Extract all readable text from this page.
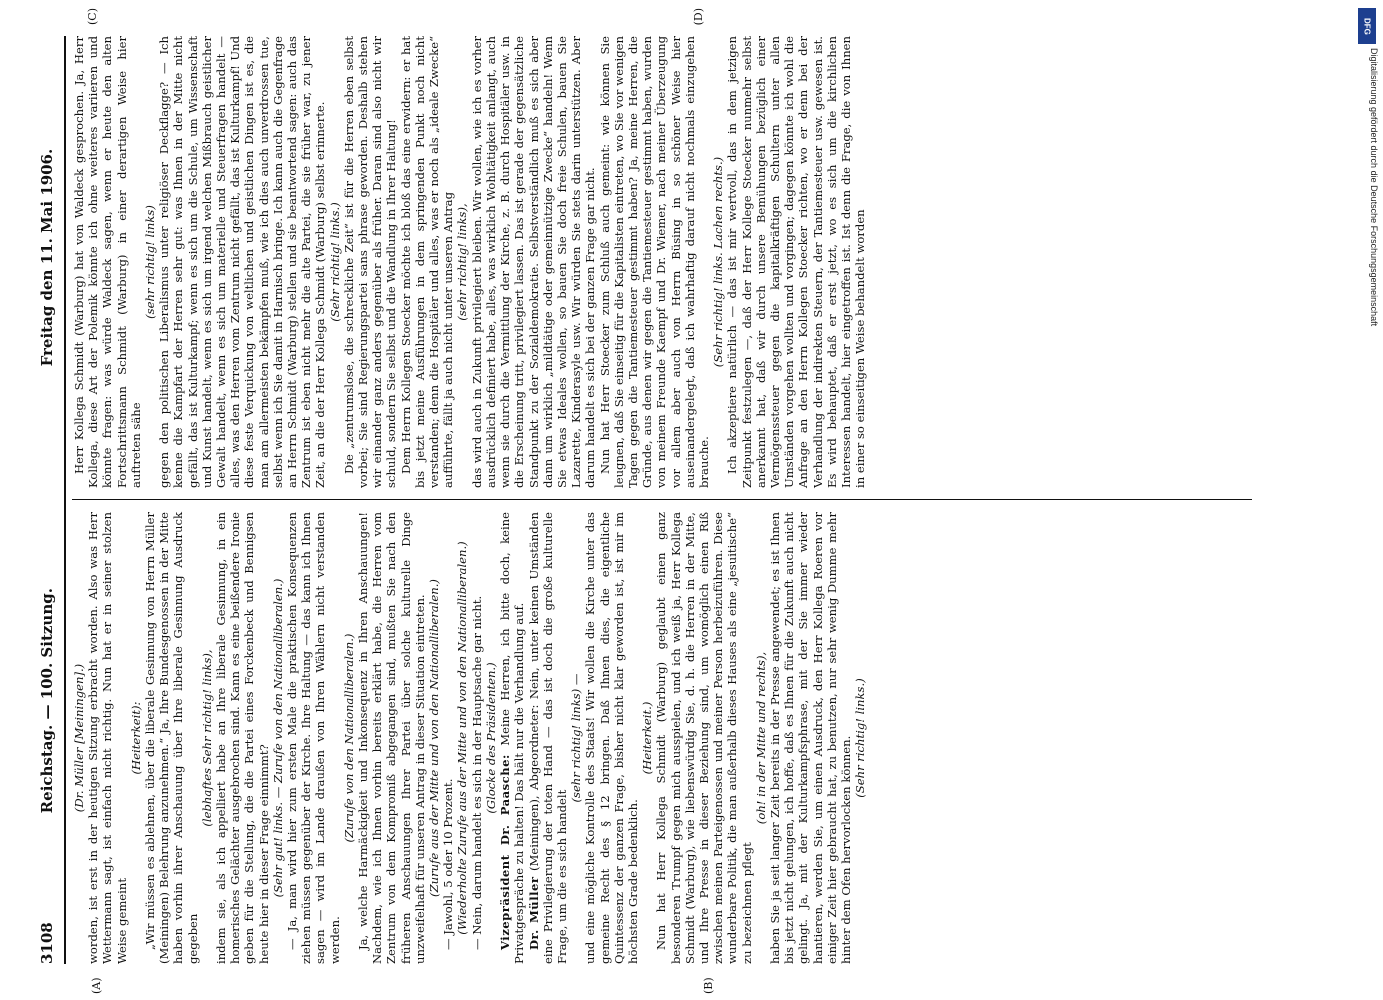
3108
Reichstag. — 100. Sitzung.
Freitag den 11. Mai 1906.
(A)	(B)

(Dr. Müller [Meiningen].) worden, ist erst in der heutigen Sitzung erbracht worden. Also was Herr Wettermann sagt, ist einfach nicht richtig. Nun hat er in seiner stolzen Weise gemeint

(Heiterkeit): „Wir müssen es ablehnen, über die liberale Gesinnung von Herrn Müller (Meiningen) Belehrung anzunehmen.“ Ja, Ihre Bundesgenossen in der Mitte haben vorhin ihrer Anschauung über Ihre liberale Gesinnung Ausdruck gegeben

(lebhaftes Sehr richtig! links), indem sie, als ich appelliert habe an Ihre liberale Gesinnung, in ein homerisches Gelächter ausgebrochen sind. Kann es eine beißendere Ironie geben für die Stellung, die die Partei eines Forckenbeck und Bennigsen heute hier in dieser Frage einnimmt? (Sehr gut! links. — Zurufe von den Nationalliberalen.) — Ja, man wird hier zum ersten Male die praktischen Konsequenzen ziehen müssen gegenüber der Kirche. Ihre Haltung — das kann ich Ihnen sagen — wird im Lande draußen von Ihren Wählern nicht verstanden werden.

(Zurufe von den Nationalliberalen.) Ja, welche Harmäckigkeit und Inkonsequenz in Ihren Anschauungen! Nachdem, wie ich Ihnen vorhin bereits erklärt habe, die Herren vom Zentrum von dem Kompromiß abgegangen sind, mußten Sie nach den früheren Anschauungen Ihrer Partei über solche kulturelle Dinge unzweifelhaft für unseren Antrag in dieser Situation eintreten. (Zurufe aus der Mitte und von den Nationalliberalen.) — Jawohl, 5 oder 10 Prozent. (Wiederholte Zurufe aus der Mitte und von den Nationalliberalen.) — Nein, darum handelt es sich in der Hauptsache gar nicht. (Glocke des Präsidenten.)

Vizepräsident Dr. Paasche: Meine Herren, ich bitte doch, keine Privatgespräche zu halten! Das hält nur die Verhandlung auf. Dr. Müller (Meiningen), Abgeordneter: Nein, unter keinen Umständen eine Privilegierung der toten Hand — das ist doch die große kulturelle Frage, um die es sich handelt

(sehr richtig! links) — und eine mögliche Kontrolle des Staats! Wir wollen die Kirche unter das gemeine Recht des § 12 bringen. Daß Ihnen dies, die eigentliche Quintessenz der ganzen Frage, bisher nicht klar geworden ist, ist mir im höchsten Grade bedenklich.

(Heiterkeit.) Nun hat Herr Kollega Schmidt (Warburg) geglaubt einen ganz besonderen Trumpf gegen mich ausspielen, und ich weiß ja, Herr Kollega Schmidt (Warburg), wie liebenswürdig Sie, d. h. die Herren in der Mitte, und Ihre Presse in dieser Beziehung sind, um womöglich einen Riß zwischen meinen Parteigenossen und meiner Person herbeizuführen. Diese wunderbare Politik, die man außerhalb dieses Hauses als eine „jesuitische“ zu bezeichnen pflegt

(oh! in der Mitte und rechts), haben Sie ja seit langer Zeit bereits in der Presse angewendet; es ist Ihnen bis jetzt nicht gelungen, ich hoffe, daß es Ihnen für die Zukunft auch nicht gelingt. Ja, mit der Kulturkampfsphrase, mit der Sie immer wieder hantieren, werden Sie, um einen Ausdruck, den Herr Kollega Roeren vor einiger Zeit hier gebraucht hat, zu benutzen, nur sehr wenig Dumme mehr hinter dem Ofen hervorlocken können. (Sehr richtig! links.)

(C)	(D)

Herr Kollega Schmidt (Warburg) hat von Waldeck gesprochen. Ja, Herr Kollega, diese Art der Polemik könnte ich ohne weiteres variieren und könnte fragen: was würde Waldeck sagen, wenn er heute den alten Fortschrittsmann Schmidt (Warburg) in einer derartigen Weise hier auftreten sähe

(sehr richtig! links) gegen den politischen Liberalismus unter religiöser Deckflagge? — Ich kenne die Kampfart der Herren sehr gut: was Ihnen in der Mitte nicht gefällt, das ist Kulturkampf; wenn es sich um die Schule, um Wissenschaft und Kunst handelt, wenn es sich um irgend welchen Mißbrauch geistlicher Gewalt handelt, wenn es sich um materielle und Steuerfragen handelt — alles, was den Herren vom Zentrum nicht gefällt, das ist Kulturkampf! Und diese feste Verquickung von weltlichen und geistlichen Dingen ist es, die man am allermeisten bekämpfen muß, wie ich dies auch unverdrossen tue, selbst wenn ich Sie damit in Harnisch bringe. Ich kann auch die Gegenfrage an Herrn Schmidt (Warburg) stellen und sie beantwortend sagen: auch das Zentrum ist eben nicht mehr die alte Partei, die sie früher war, zu jener Zeit, an die der Herr Kollega Schmidt (Warburg) selbst erinnerte. (Sehr richtig! links.) Die „zentrumslose, die schreckliche Zeit“ ist für die Herren eben selbst vorbei; Sie sind Regierungspartei sans phrase geworden. Deshalb stehen wir einander ganz anders gegenüber als früher. Daran sind also nicht wir schuld, sondern Sie selbst und die Wandlung in Ihrer Haltung! Dem Herrn Kollegen Stoecker möchte ich bloß das eine erwidern: er hat bis jetzt meine Ausführungen in dem springenden Punkt noch nicht verstanden; denn die Hospitäler und alles, was er noch als „ideale Zwecke“ aufführte, fällt ja auch nicht unter unseren Antrag (sehr richtig! links), das wird auch in Zukunft privilegiert bleiben. Wir wollen, wie ich es vorher ausdrücklich definiert habe, alles, was wirklich Wohltätigkeit anlangt, auch wenn sie durch die Vermittlung der Kirche, z. B. durch Hospitäler usw. in die Erscheinung tritt, privilegiert lassen. Das ist gerade der gegensätzliche Standpunkt zu der Sozialdemokratie. Selbstverständlich muß es sich aber dann um wirklich „mildtätige oder gemeinnützige Zwecke“ handeln! Wenn Sie etwas Ideales wollen, so bauen Sie doch freie Schulen, bauen Sie Lazarette, Kinderasyle usw. Wir würden Sie stets darin unterstützen. Aber darum handelt es sich bei der ganzen Frage gar nicht. Nun hat Herr Stoecker zum Schluß auch gemeint: wie können Sie leugnen, daß Sie einseitig für die Kapitalisten eintreten, wo Sie vor wenigen Tagen gegen die Tantiemesteuer gestimmt haben? Ja, meine Herren, die Gründe, aus denen wir gegen die Tantiemesteuer gestimmt haben, wurden von meinem Freunde Kaempf und Dr. Wiemer, nach meiner Überzeugung vor allem aber auch von Herrn Büsing in so schöner Weise hier auseinandergelegt, daß ich wahrhaftig darauf nicht nochmals einzugehen brauche.

(Sehr richtig! links. Lachen rechts.) Ich akzeptiere natürlich — das ist mir wertvoll, das in dem jetzigen Zeitpunkt festzulegen —, daß der Herr Kollege Stoecker nunmehr selbst anerkannt hat, daß wir durch unsere Bemühungen bezüglich einer Vermögenssteuer gegen die kapitalkräftigen Schultern unter allen Umständen vorgehen wollten und vorgingen; dagegen könnte ich wohl die Anfrage an den Herrn Kollegen Stoecker richten, wo er denn bei der Verhandlung der indirekten Steuern, der Tantiemesteuer usw. gewesen ist. Es wird behauptet, daß er erst jetzt, wo es sich um die kirchlichen Interessen handelt, hier eingetroffen ist. Ist denn die Frage, die von Ihnen in einer so einseitigen Weise behandelt worden

DFG
Digitalisierung gefördert durch die Deutsche Forschungsgemeinschaft
